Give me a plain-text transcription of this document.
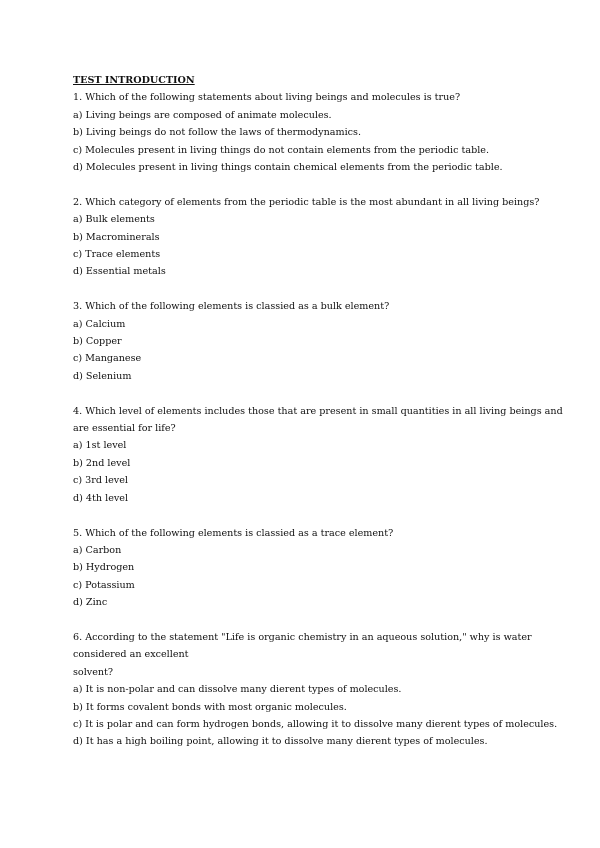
TEST INTRODUCTION

1. Which of the following statements about living beings and molecules is true?

a) Living beings are composed of animate molecules.

b) Living beings do not follow the laws of thermodynamics.

c) Molecules present in living things do not contain elements from the periodic table.

d) Molecules present in living things contain chemical elements from the periodic table.

2. Which category of elements from the periodic table is the most abundant in all living beings?

a) Bulk elements

b) Macrominerals

c) Trace elements

d) Essential metals

3. Which of the following elements is classied as a bulk element?

a) Calcium

b) Copper

c) Manganese

d) Selenium

4. Which level of elements includes those that are present in small quantities in all living beings and

are essential for life?

a) 1st level

b) 2nd level

c) 3rd level

d) 4th level

5. Which of the following elements is classied as a trace element?

a) Carbon

b) Hydrogen

c) Potassium

d) Zinc

6. According to the statement "Life is organic chemistry in an aqueous solution," why is water

considered an excellent

solvent?

a) It is non-polar and can dissolve many dierent types of molecules.

b) It forms covalent bonds with most organic molecules.

c) It is polar and can form hydrogen bonds, allowing it to dissolve many dierent types of molecules.

d) It has a high boiling point, allowing it to dissolve many dierent types of molecules.
